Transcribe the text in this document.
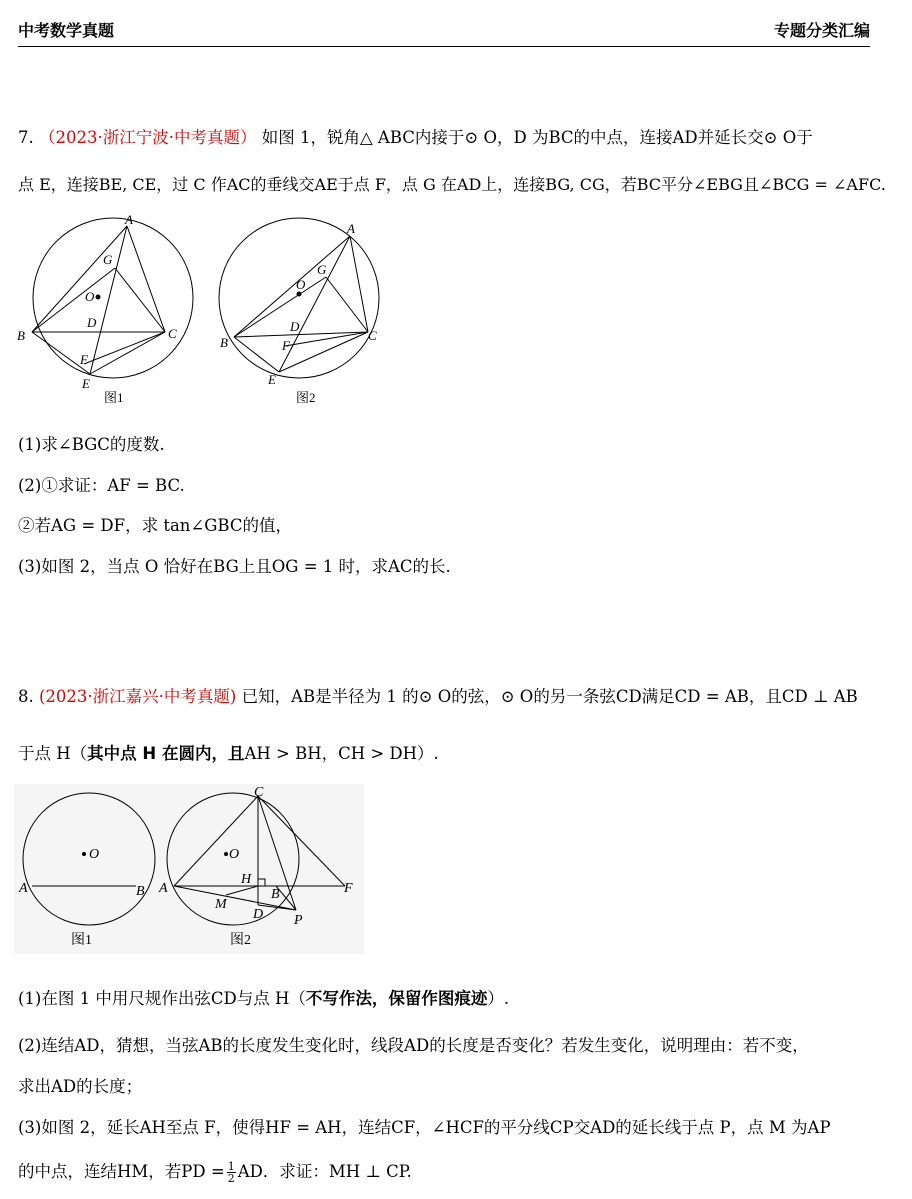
中考数学真题	专题分类汇编
7. （2023·浙江宁波·中考真题） 如图 1，锐角△ ABC内接于⊙ O，D 为BC的中点，连接AD并延长交⊙ O于
点 E，连接BE, CE，过 C 作AC的垂线交AE于点 F，点 G 在AD上，连接BG, CG，若BC平分∠EBG且∠BCG = ∠AFC.
A
G
O
D
B	C
F
E
A
G
O
D
B	C
F
E
图1	图2
(1)求∠BGC的度数.
(2)①求证：AF = BC.
②若AG = DF，求 tan∠GBC的值，
(3)如图 2，当点 O 恰好在BG上且OG = 1 时，求AC的长.
8. (2023·浙江嘉兴·中考真题) 已知，AB是半径为 1 的⊙ O的弦，⊙ O的另一条弦CD满足CD = AB，且CD ⊥ AB
于点 H（其中点 H 在圆内，且AH > BH，CH > DH）.
O
A	B
O
C
A
H
B	F
M
D P
图1	图2
(1)在图 1 中用尺规作出弦CD与点 H（不写作法，保留作图痕迹）.
(2)连结AD，猜想，当弦AB的长度发生变化时，线段AD的长度是否变化？若发生变化，说明理由：若不变，
求出AD的长度；
(3)如图 2，延长AH至点 F，使得HF = AH，连结CF，∠HCF的平分线CP交AD的延长线于点 P，点 M 为AP
的中点，连结HM，若PD = $\frac{1}{2}$ AD．求证：MH ⊥ CP.
